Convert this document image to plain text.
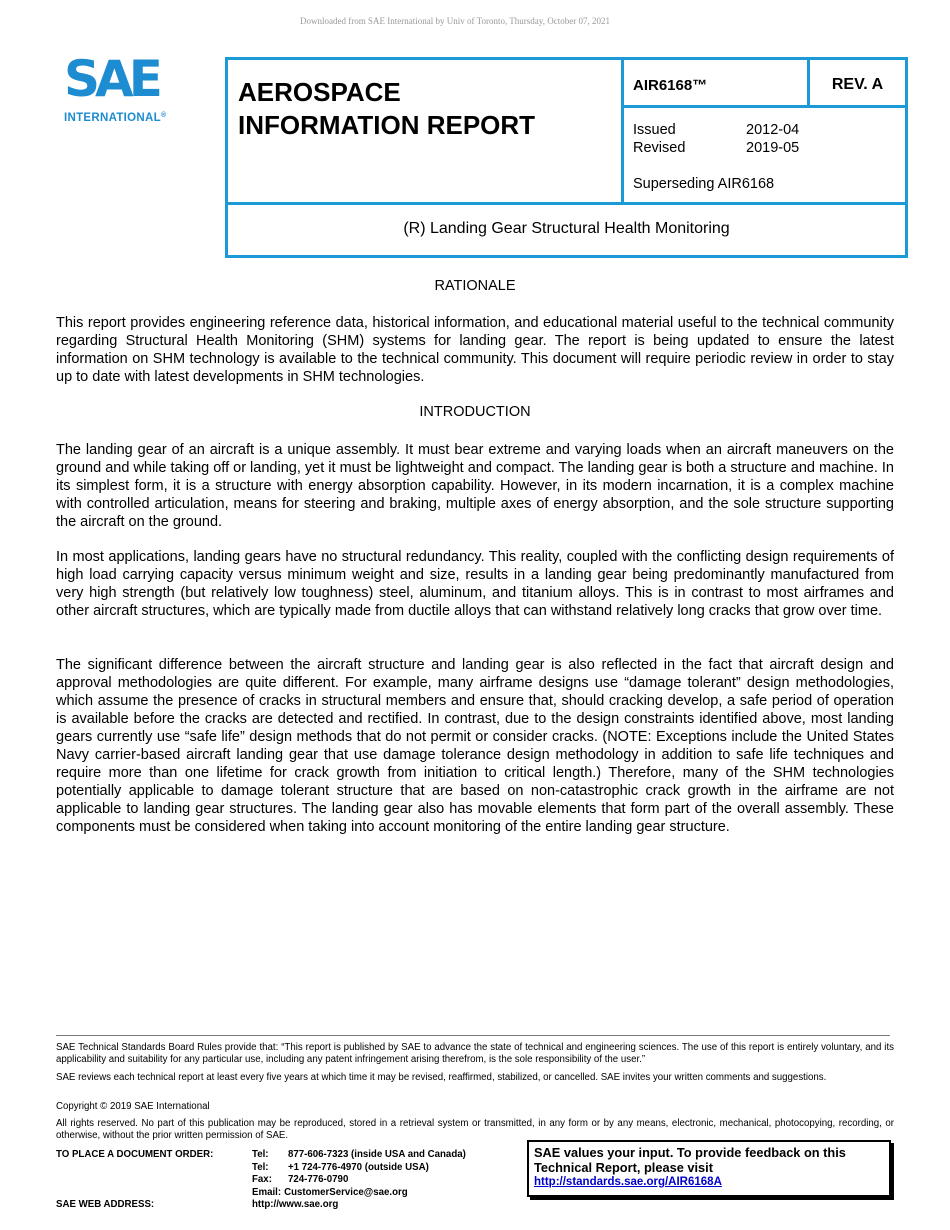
Downloaded from SAE International by Univ of Toronto, Thursday, October 07, 2021
SAE
INTERNATIONAL®
AEROSPACE
INFORMATION REPORT
AIR6168™	REV. A
Issued	2012-04
Revised	2019-05
Superseding AIR6168
(R) Landing Gear Structural Health Monitoring
RATIONALE

This report provides engineering reference data, historical information, and educational material useful to the technical community regarding Structural Health Monitoring (SHM) systems for landing gear. The report is being updated to ensure the latest information on SHM technology is available to the technical community. This document will require periodic review in order to stay up to date with latest developments in SHM technologies.

INTRODUCTION

The landing gear of an aircraft is a unique assembly. It must bear extreme and varying loads when an aircraft maneuvers on the ground and while taking off or landing, yet it must be lightweight and compact. The landing gear is both a structure and machine. In its simplest form, it is a structure with energy absorption capability. However, in its modern incarnation, it is a complex machine with controlled articulation, means for steering and braking, multiple axes of energy absorption, and the sole structure supporting the aircraft on the ground.

In most applications, landing gears have no structural redundancy. This reality, coupled with the conflicting design requirements of high load carrying capacity versus minimum weight and size, results in a landing gear being predominantly manufactured from very high strength (but relatively low toughness) steel, aluminum, and titanium alloys. This is in contrast to most airframes and other aircraft structures, which are typically made from ductile alloys that can withstand relatively long cracks that grow over time.

The significant difference between the aircraft structure and landing gear is also reflected in the fact that aircraft design and approval methodologies are quite different. For example, many airframe designs use “damage tolerant” design methodologies, which assume the presence of cracks in structural members and ensure that, should cracking develop, a safe period of operation is available before the cracks are detected and rectified. In contrast, due to the design constraints identified above, most landing gears currently use “safe life” design methods that do not permit or consider cracks. (NOTE: Exceptions include the United States Navy carrier-based aircraft landing gear that use damage tolerance design methodology in addition to safe life techniques and require more than one lifetime for crack growth from initiation to critical length.) Therefore, many of the SHM technologies potentially applicable to damage tolerant structure that are based on non-catastrophic crack growth in the airframe are not applicable to landing gear structures. The landing gear also has movable elements that form part of the overall assembly. These components must be considered when taking into account monitoring of the entire landing gear structure.

SAE Technical Standards Board Rules provide that: “This report is published by SAE to advance the state of technical and engineering sciences. The use of this report is entirely voluntary, and its applicability and suitability for any particular use, including any patent infringement arising therefrom, is the sole responsibility of the user.”

SAE reviews each technical report at least every five years at which time it may be revised, reaffirmed, stabilized, or cancelled. SAE invites your written comments and suggestions.

Copyright © 2019 SAE International

All rights reserved. No part of this publication may be reproduced, stored in a retrieval system or transmitted, in any form or by any means, electronic, mechanical, photocopying, recording, or otherwise, without the prior written permission of SAE.

TO PLACE A DOCUMENT ORDER:	Tel: 877-606-7323 (inside USA and Canada)
Tel: +1 724-776-4970 (outside USA)
Fax: 724-776-0790
Email: CustomerService@sae.org
SAE WEB ADDRESS:	http://www.sae.org
SAE values your input. To provide feedback on this Technical Report, please visit
http://standards.sae.org/AIR6168A
